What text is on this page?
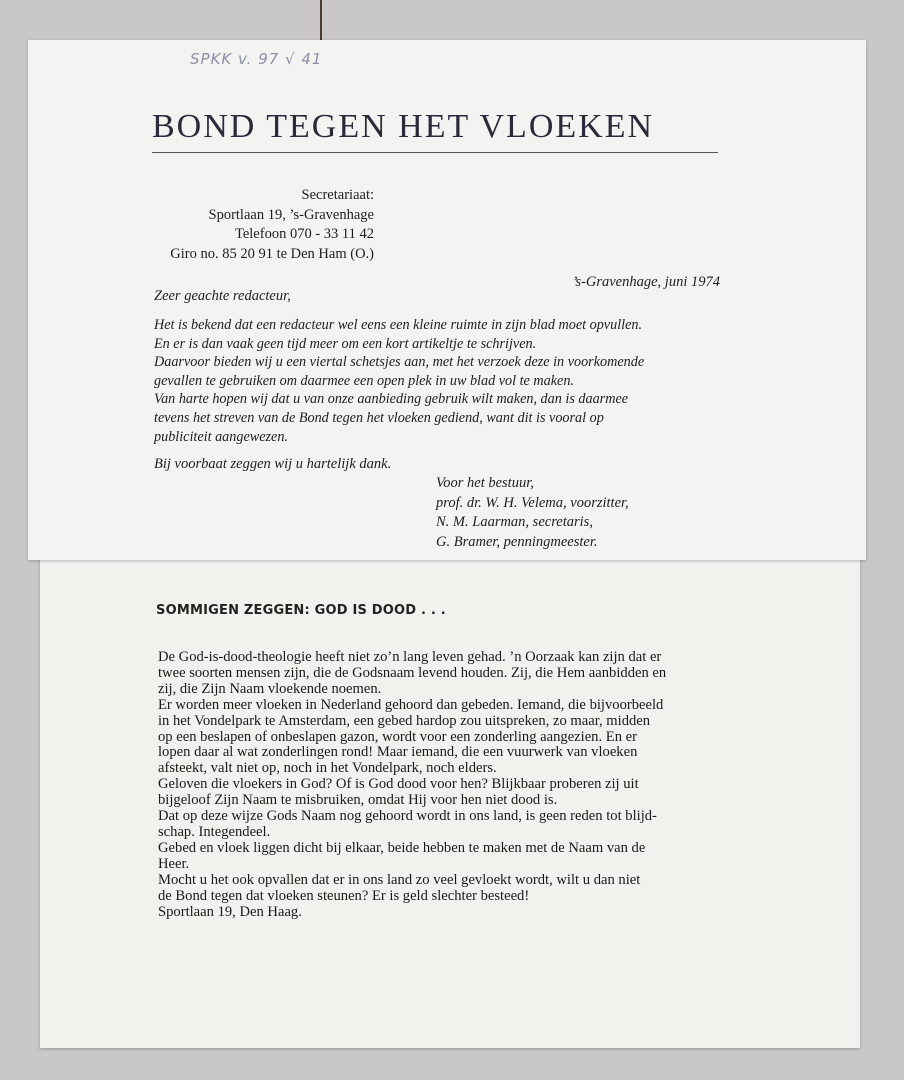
SPKK v. 97 √ 41
BOND TEGEN HET VLOEKEN
Secretariaat:
Sportlaan 19, ’s-Gravenhage
Telefoon 070 - 33 11 42
Giro no. 85 20 91 te Den Ham (O.)
’s-Gravenhage, juni 1974
Zeer geachte redacteur,
Het is bekend dat een redacteur wel eens een kleine ruimte in zijn blad moet opvullen.
En er is dan vaak geen tijd meer om een kort artikeltje te schrijven.
Daarvoor bieden wij u een viertal schetsjes aan, met het verzoek deze in voorkomende
gevallen te gebruiken om daarmee een open plek in uw blad vol te maken.
Van harte hopen wij dat u van onze aanbieding gebruik wilt maken, dan is daarmee
tevens het streven van de Bond tegen het vloeken gediend, want dit is vooral op
publiciteit aangewezen.
Bij voorbaat zeggen wij u hartelijk dank.
Voor het bestuur,
prof. dr. W. H. Velema, voorzitter,
N. M. Laarman, secretaris,
G. Bramer, penningmeester.
SOMMIGEN ZEGGEN: GOD IS DOOD . . .
De God-is-dood-theologie heeft niet zo’n lang leven gehad. ’n Oorzaak kan zijn dat er
twee soorten mensen zijn, die de Godsnaam levend houden. Zij, die Hem aanbidden en
zij, die Zijn Naam vloekende noemen.
Er worden meer vloeken in Nederland gehoord dan gebeden. Iemand, die bijvoorbeeld
in het Vondelpark te Amsterdam, een gebed hardop zou uitspreken, zo maar, midden
op een beslapen of onbeslapen gazon, wordt voor een zonderling aangezien. En er
lopen daar al wat zonderlingen rond! Maar iemand, die een vuurwerk van vloeken
afsteekt, valt niet op, noch in het Vondelpark, noch elders.
Geloven die vloekers in God? Of is God dood voor hen? Blijkbaar proberen zij uit
bijgeloof Zijn Naam te misbruiken, omdat Hij voor hen niet dood is.
Dat op deze wijze Gods Naam nog gehoord wordt in ons land, is geen reden tot blijd-
schap. Integendeel.
Gebed en vloek liggen dicht bij elkaar, beide hebben te maken met de Naam van de
Heer.
Mocht u het ook opvallen dat er in ons land zo veel gevloekt wordt, wilt u dan niet
de Bond tegen dat vloeken steunen? Er is geld slechter besteed!
Sportlaan 19, Den Haag.
